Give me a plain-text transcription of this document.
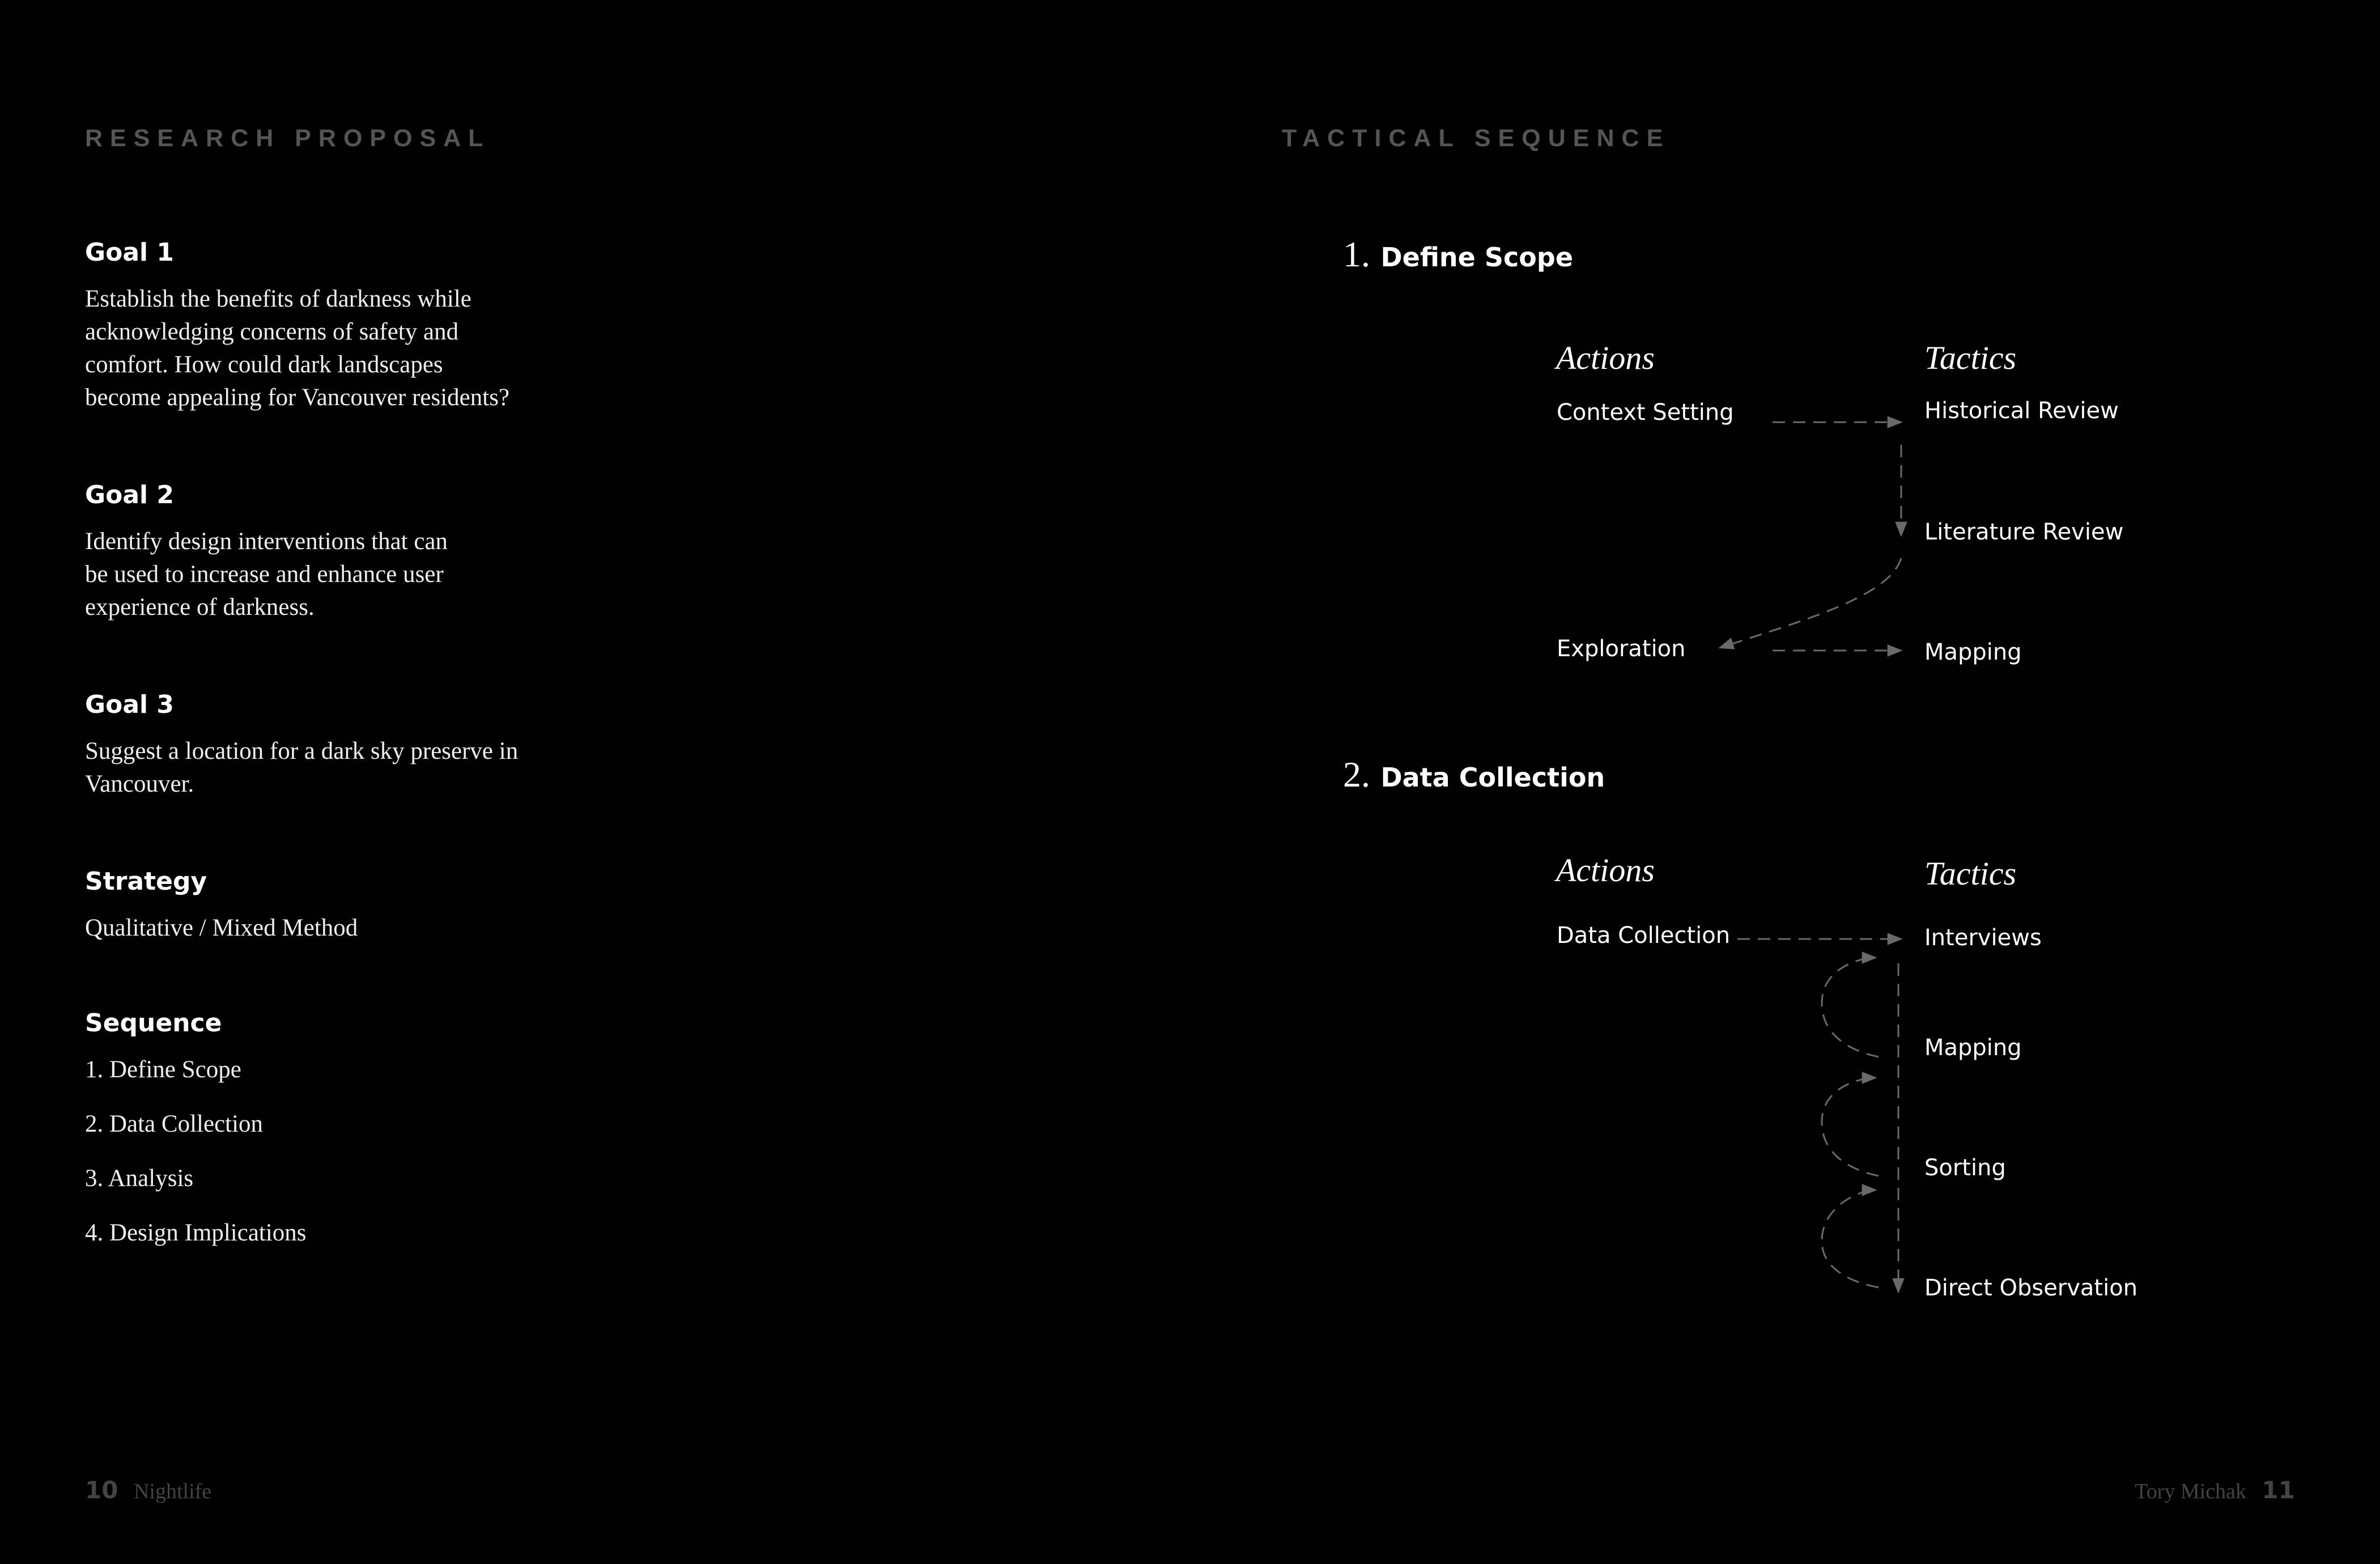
RESEARCH PROPOSAL

Goal 1

Establish the benefits of darkness while
acknowledging concerns of safety and
comfort. How could dark landscapes
become appealing for Vancouver residents?

Goal 2

Identify design interventions that can
be used to increase and enhance user
experience of darkness.

Goal 3

Suggest a location for a dark sky preserve in
Vancouver.

Strategy

Qualitative / Mixed Method

Sequence

1. Define Scope
2. Data Collection
3. Analysis
4. Design Implications
10 Nightlife

TACTICAL SEQUENCE

1. Define Scope

Actions	Tactics

Context Setting	Historical Review

Literature Review

Exploration	Mapping

2. Data Collection

Actions	Tactics

Data Collection	Interviews

Mapping

Sorting

Direct Observation

Tory Michak 11
